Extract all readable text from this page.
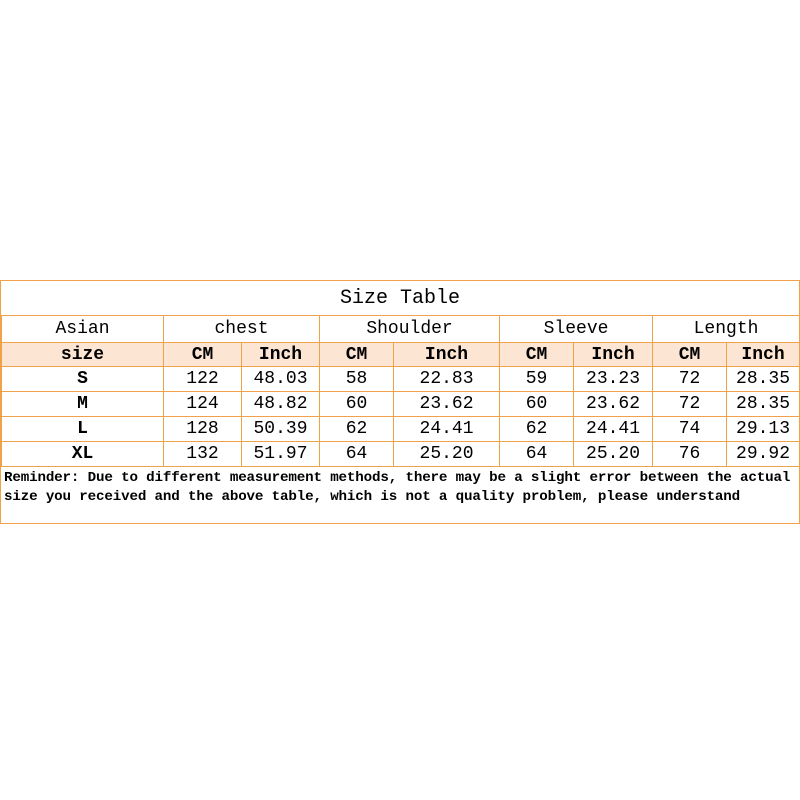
Size Table
Asian	chest		Shoulder		Sleeve		Length	
size	CM	Inch	CM	Inch	CM	Inch	CM	Inch
S	122	48.03	58	22.83	59	23.23	72	28.35
M	124	48.82	60	23.62	60	23.62	72	28.35
L	128	50.39	62	24.41	62	24.41	74	29.13
XL	132	51.97	64	25.20	64	25.20	76	29.92
Reminder: Due to different measurement methods, there may be a slight error between the actual size you received and the above table, which is not a quality problem, please understand
